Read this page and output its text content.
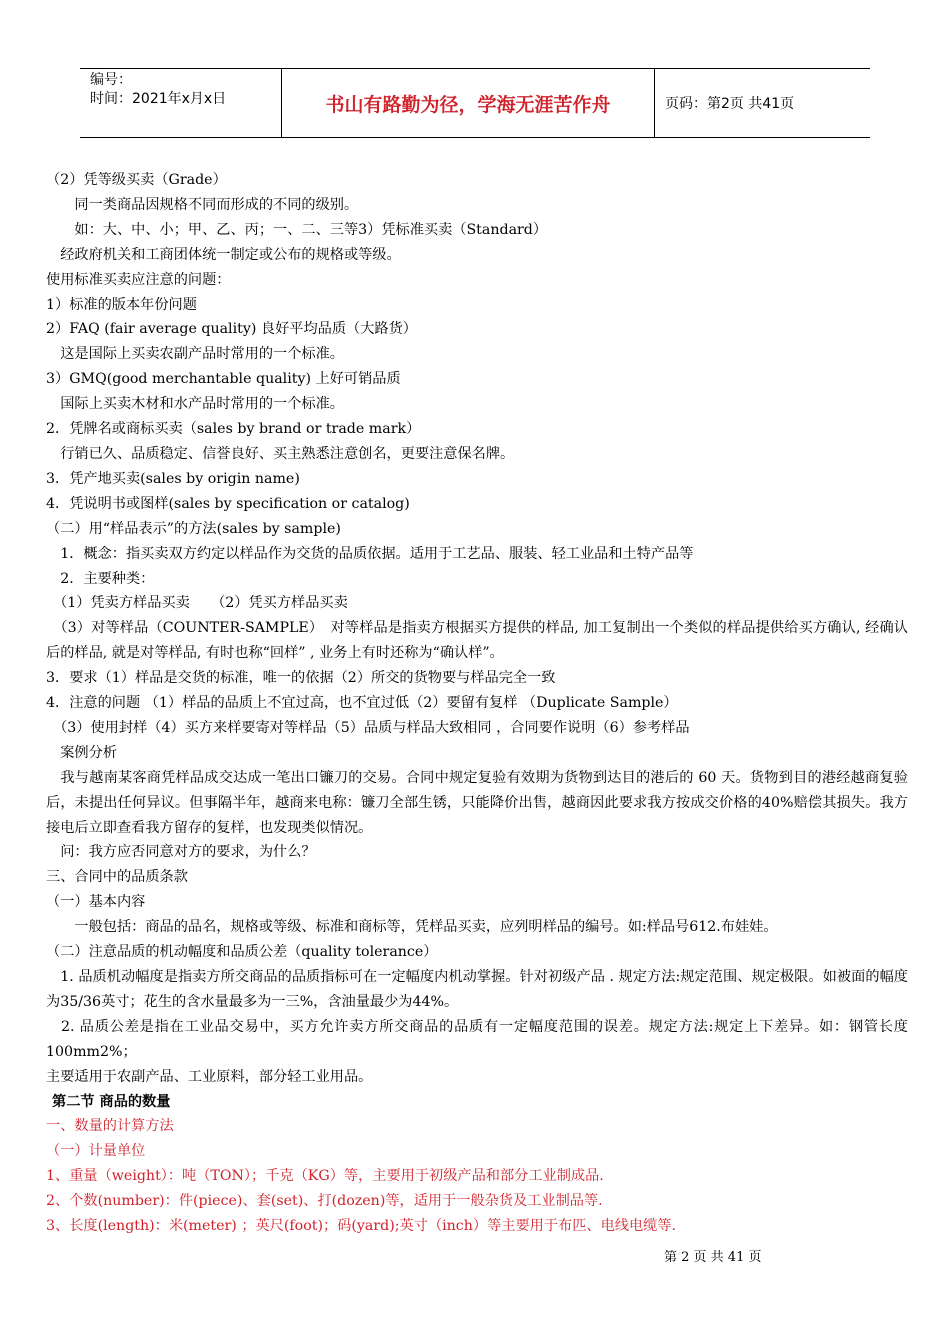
编号：
时间：2021年x月x日	书山有路勤为径，学海无涯苦作舟	页码：第2页 共41页
（2）凭等级买卖（Grade）
　　同一类商品因规格不同而形成的不同的级别。
　　如：大、中、小；甲、乙、丙；一、二、三等3）凭标准买卖（Standard）
　经政府机关和工商团体统一制定或公布的规格或等级。
使用标准买卖应注意的问题：
1）标准的版本年份问题
2）FAQ (fair average quality) 良好平均品质（大路货）
　这是国际上买卖农副产品时常用的一个标准。
3）GMQ(good merchantable quality) 上好可销品质
　国际上买卖木材和水产品时常用的一个标准。
2．凭牌名或商标买卖（sales by brand or trade mark）
　行销已久、品质稳定、信誉良好、买主熟悉注意创名，更要注意保名牌。
3．凭产地买卖(sales by origin name)
4．凭说明书或图样(sales by specification or catalog)
（二）用“样品表示”的方法(sales by sample)
　1．概念：指买卖双方约定以样品作为交货的品质依据。适用于工艺品、服装、轻工业品和土特产品等
　2．主要种类：
　（1）凭卖方样品买卖　　（2）凭买方样品买卖
　（3）对等样品（COUNTER-SAMPLE）　对等样品是指卖方根据买方提供的样品, 加工复制出一个类似的样品提供给买方确认, 经确认后的样品, 就是对等样品, 有时也称“回样” , 业务上有时还称为“确认样”。
3．要求（1）样品是交货的标准，唯一的依据（2）所交的货物要与样品完全一致
4．注意的问题 （1）样品的品质上不宜过高，也不宜过低（2）要留有复样 （Duplicate Sample）
　（3）使用封样（4）买方来样要寄对等样品（5）品质与样品大致相同 ，合同要作说明（6）参考样品
　案例分析
　我与越南某客商凭样品成交达成一笔出口镰刀的交易。合同中规定复验有效期为货物到达目的港后的 60 天。货物到目的港经越商复验后，未提出任何异议。但事隔半年，越商来电称：镰刀全部生锈，只能降价出售，越商因此要求我方按成交价格的40%赔偿其损失。我方接电后立即查看我方留存的复样，也发现类似情况。
　问：我方应否同意对方的要求，为什么？
三、合同中的品质条款
（一）基本内容
　　一般包括：商品的品名，规格或等级、标准和商标等，凭样品买卖，应列明样品的编号。如:样品号612.布娃娃。
（二）注意品质的机动幅度和品质公差（quality tolerance）
　1. 品质机动幅度是指卖方所交商品的品质指标可在一定幅度内机动掌握。针对初级产品 . 规定方法:规定范围、规定极限。如被面的幅度为35/36英寸；花生的含水量最多为一三%，含油量最少为44%。
　2. 品质公差是指在工业品交易中，买方允许卖方所交商品的品质有一定幅度范围的误差。规定方法:规定上下差异。如：钢管长度100mm2%；
主要适用于农副产品、工业原料，部分轻工业用品。
第二节 商品的数量
一、数量的计算方法
（一）计量单位
1、重量（weight）：吨（TON）；千克（KG）等，主要用于初级产品和部分工业制成品.
2、个数(number)：件(piece)、套(set)、打(dozen)等，适用于一般杂货及工业制品等.
3、长度(length)：米(meter) ；英尺(foot)；码(yard);英寸（inch）等主要用于布匹、电线电缆等.
第 2 页 共 41 页
